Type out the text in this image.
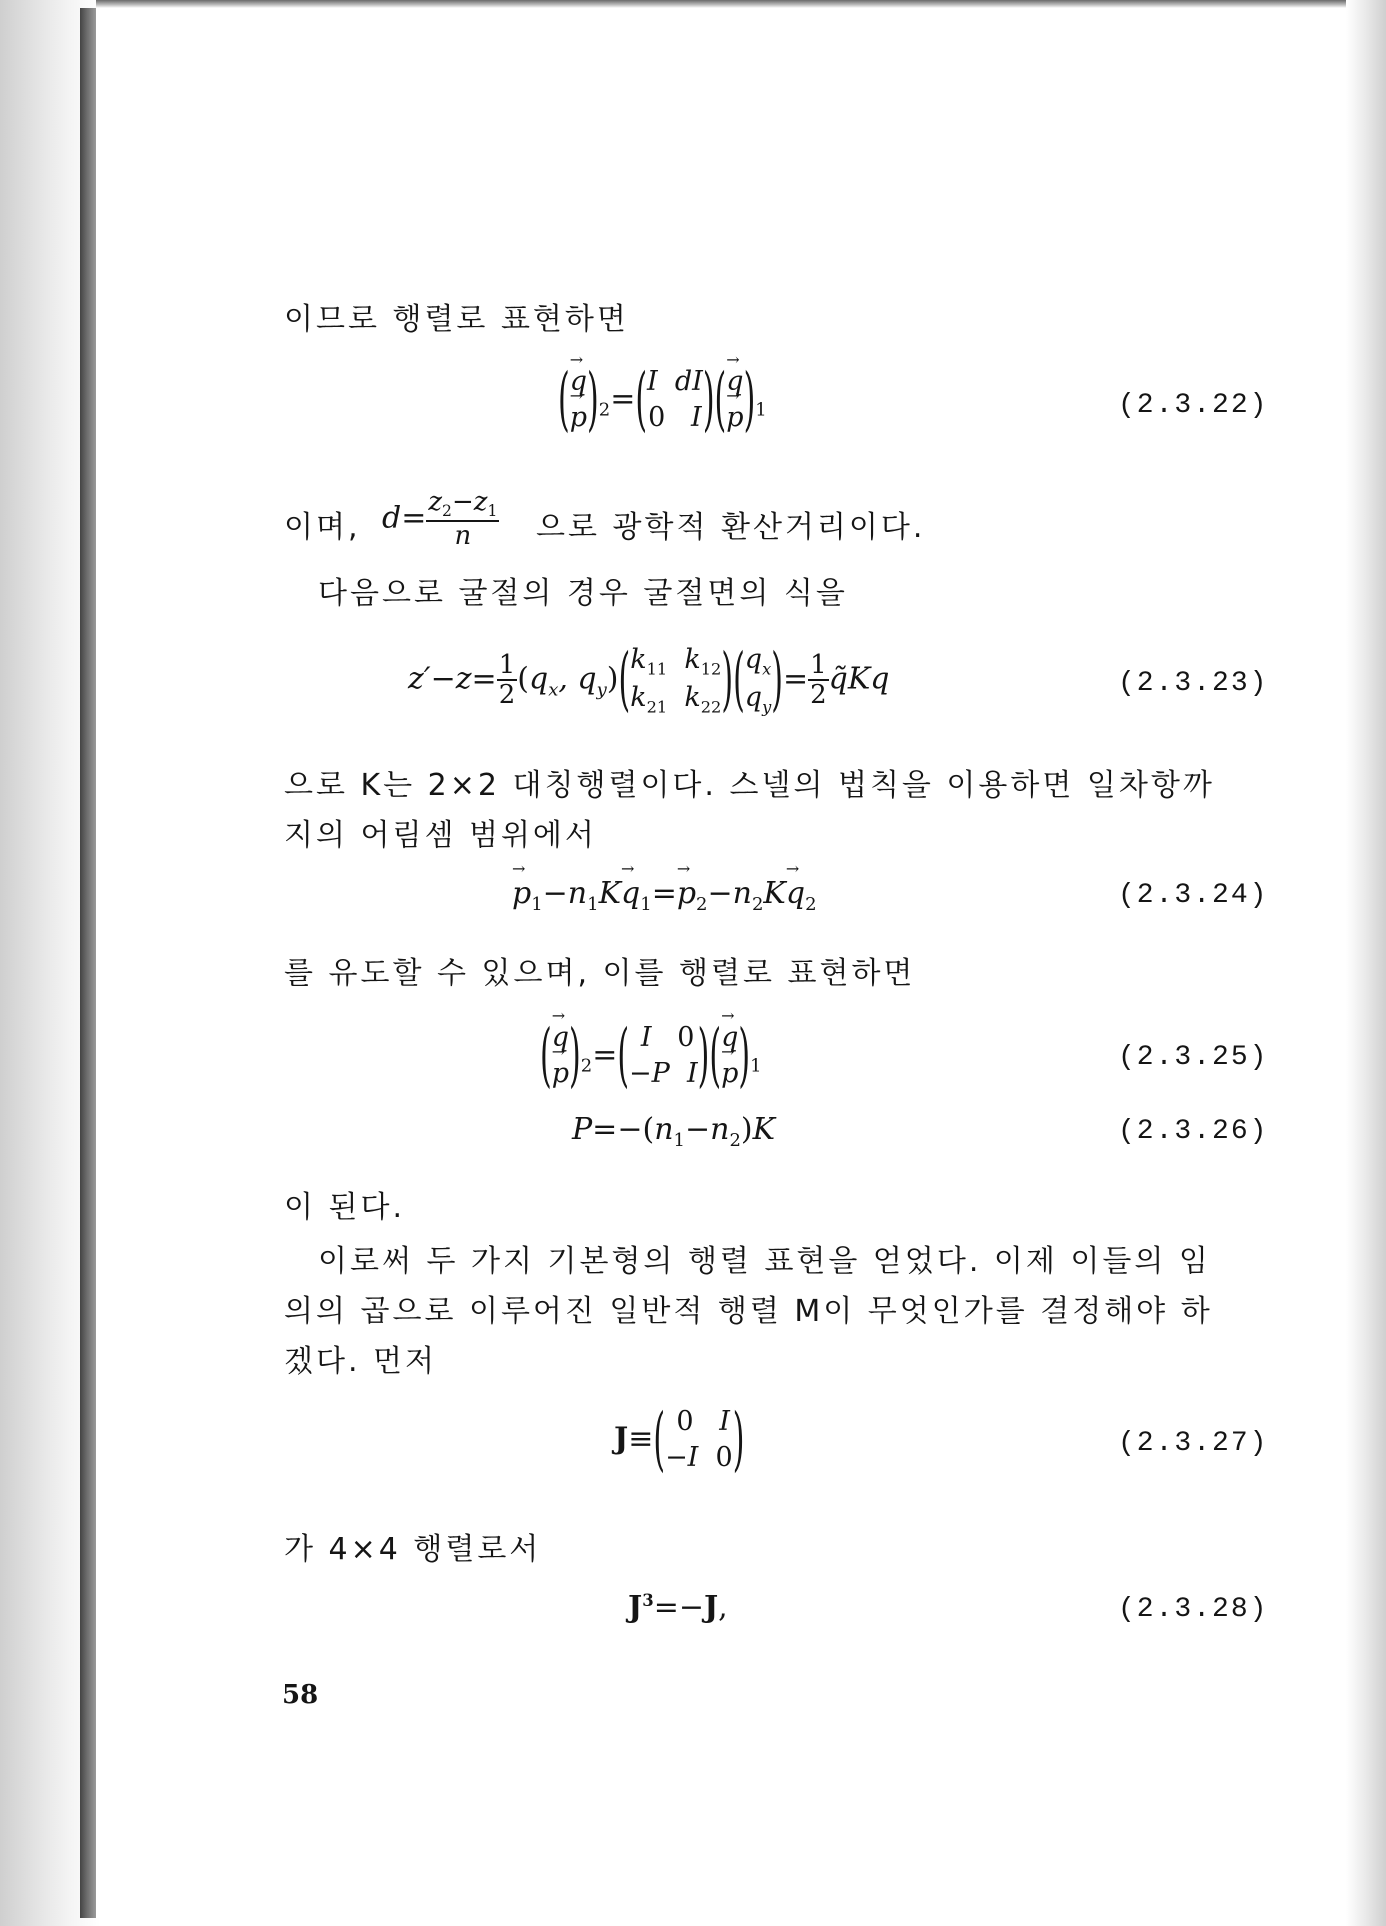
이므로 행렬로 표현하면
(→ q
→ $p)_2=(I$  dI
0   I)(→ q
→ $p)_1$	(2.3.22)
이며, $d= \frac{z_2-z_1}{n}$ 으로 광학적 환산거리이다.
다음으로 굴절의 경우 굴절면의 식을
$z'-z= \frac{1}{2} (q_x$, $q_y)(k_{11}$  $k_{12}$
$k_{21}$  $k_{22})(q_x$
$q_y)= \frac{1}{2}$ q̃Kq	(2.3.23)
으로 K는 2×2 대칭행렬이다. 스넬의 법칙을 이용하면 일차항까
지의 어림셈 범위에서
→ $p_1-n_1K\to q_1=\to p_2-n_2K\to q_2$	(2.3.24)
를 유도할 수 있으며, 이를 행렬로 표현하면
(→ q
→ $p)_2=$( I   0
−P  I)(→ q
→ $p)_1$	(2.3.25)
$P=-(n_1-n_2)K$	(2.3.26)
이 된다.
이로써 두 가지 기본형의 행렬 표현을 얻었다. 이제 이들의 임
의의 곱으로 이루어진 일반적 행렬 M이 무엇인가를 결정해야 하
겠다. 먼저
J≡( 0   I
−I  0)	(2.3.27)
가 4×4 행렬로서
$J^3=-J$,	(2.3.28)
58
